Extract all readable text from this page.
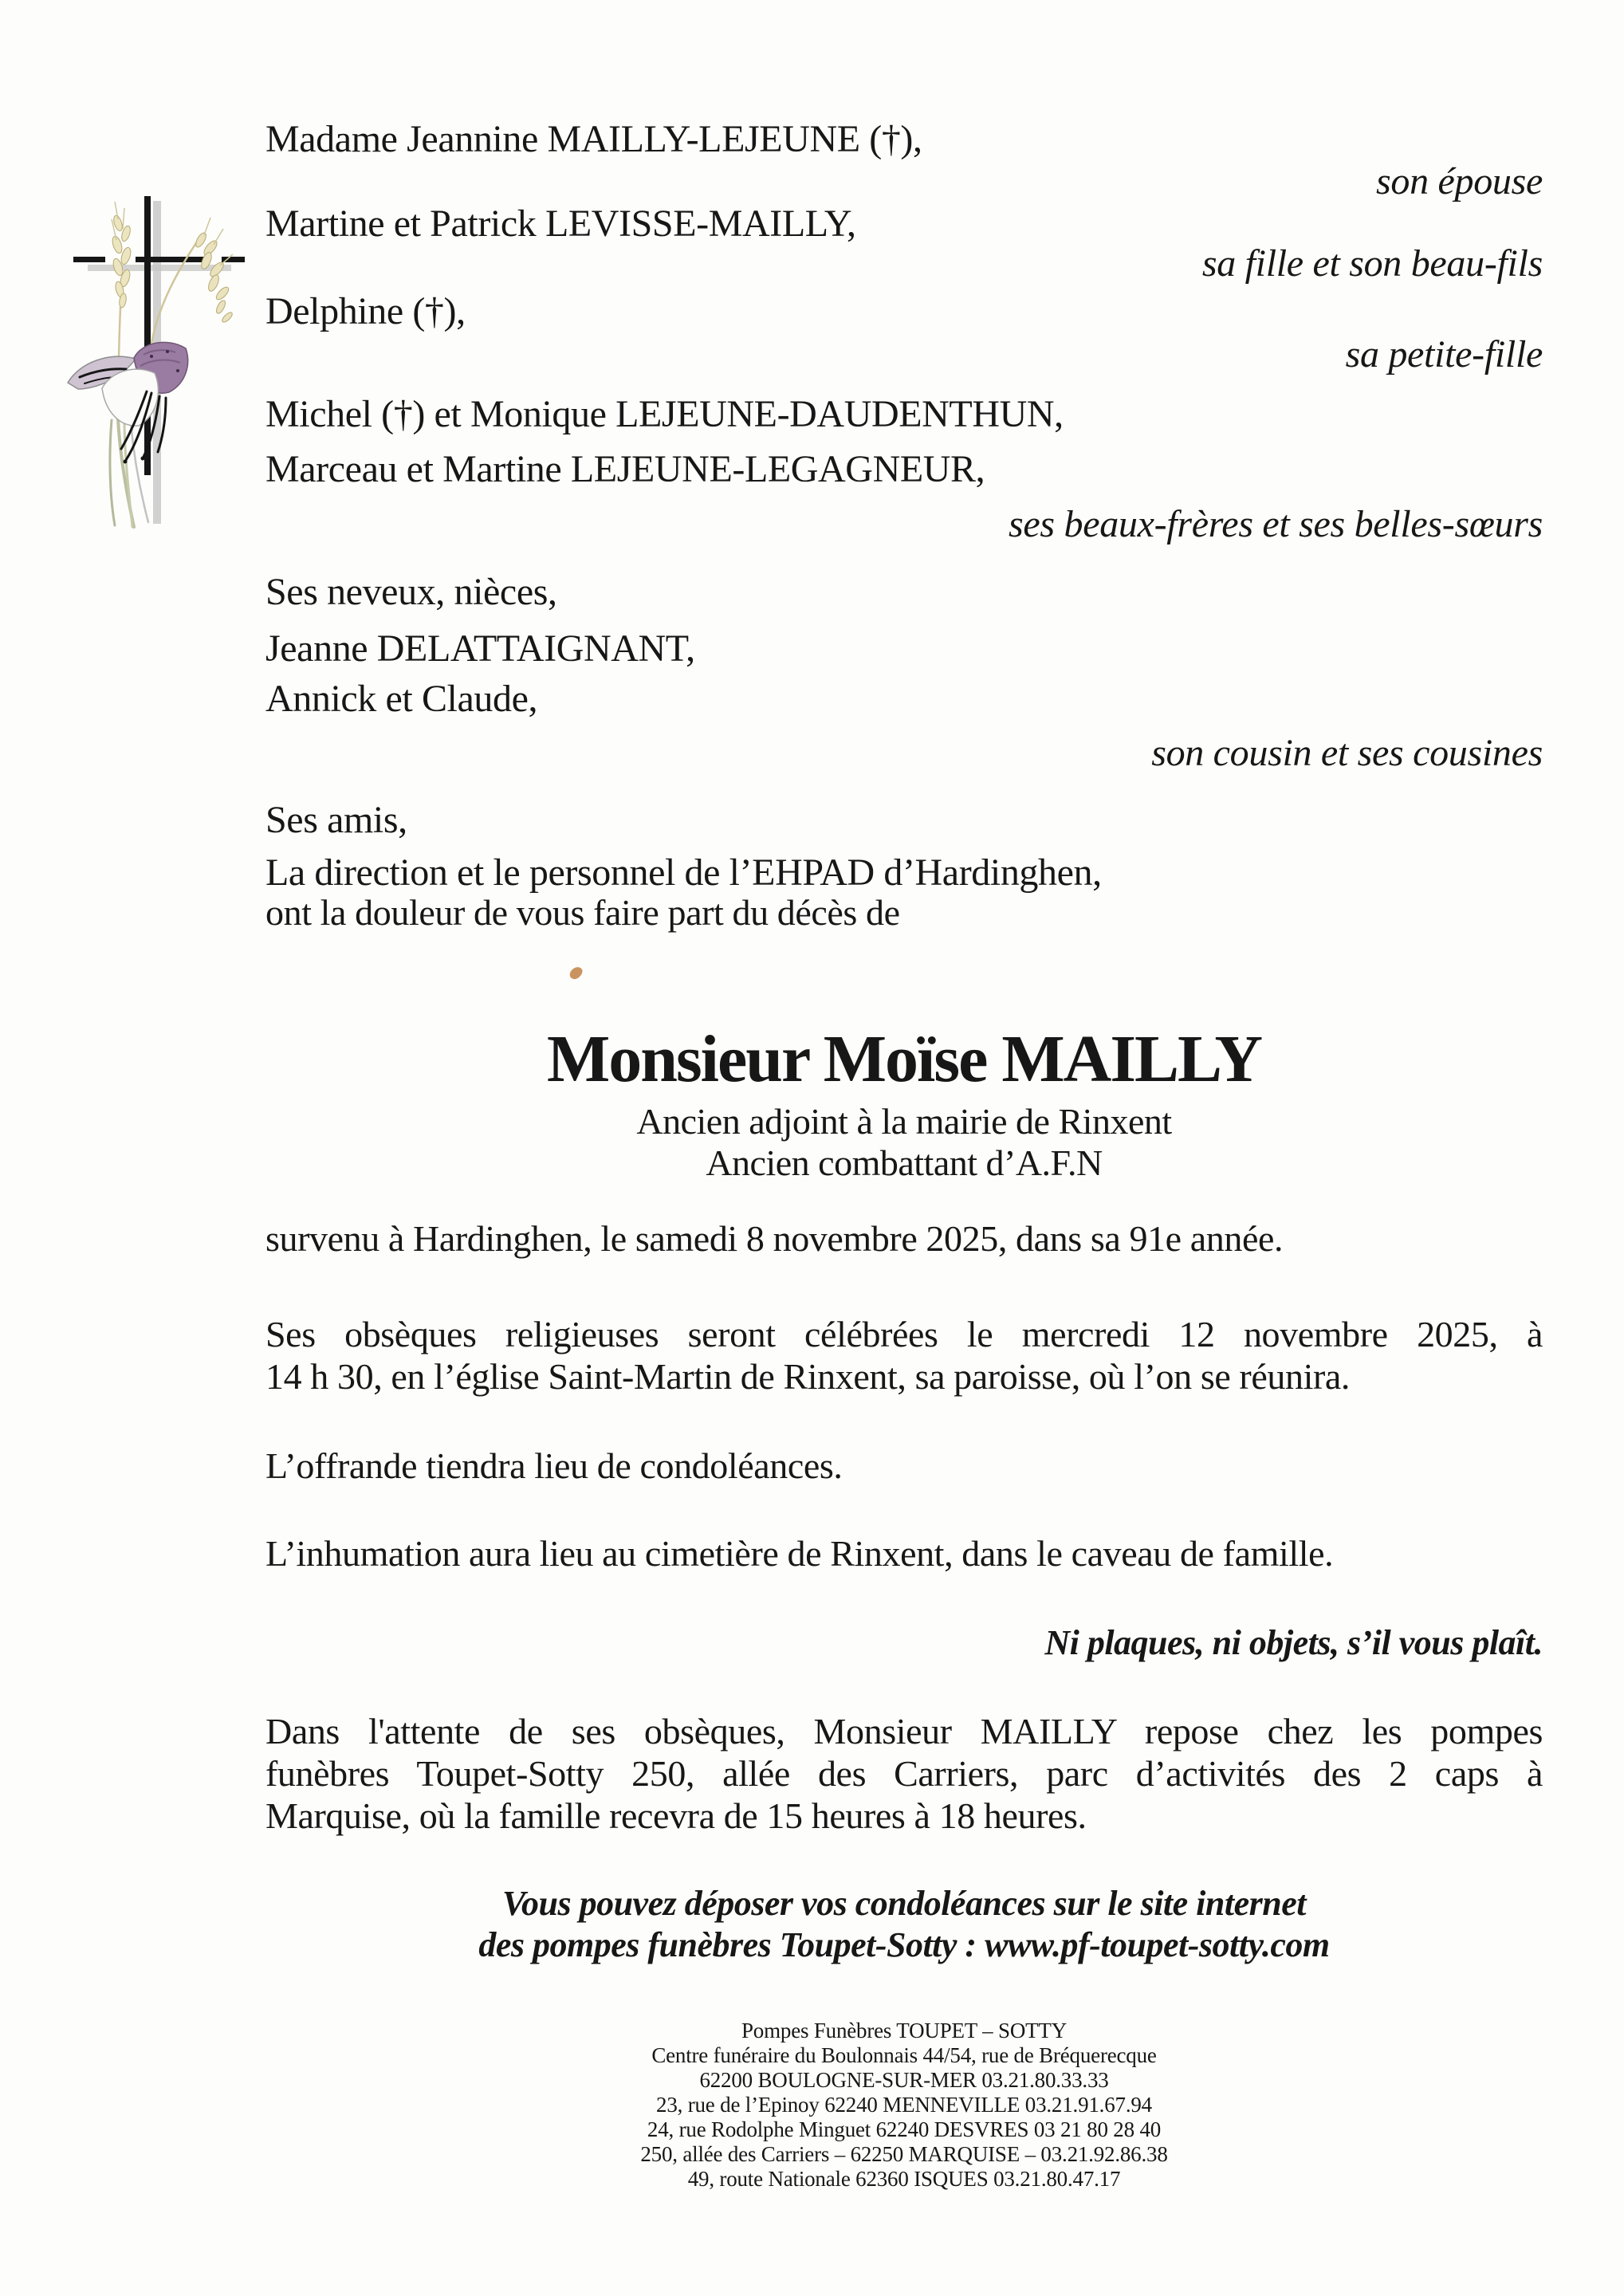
Madame Jeannine MAILLY-LEJEUNE (†),
son épouse
Martine et Patrick LEVISSE-MAILLY,
sa fille et son beau-fils
Delphine (†),
sa petite-fille
Michel (†) et Monique LEJEUNE-DAUDENTHUN,
Marceau et Martine LEJEUNE-LEGAGNEUR,
ses beaux-frères et ses belles-sœurs
Ses neveux, nièces,
Jeanne DELATTAIGNANT,
Annick et Claude,
son cousin et ses cousines
Ses amis,
La direction et le personnel de l’EHPAD d’Hardinghen,
ont la douleur de vous faire part du décès de
Monsieur Moïse MAILLY
Ancien adjoint à la mairie de Rinxent
Ancien combattant d’A.F.N
survenu à Hardinghen, le samedi 8 novembre 2025, dans sa 91e année.
Ses obsèques religieuses seront célébrées le mercredi 12 novembre 2025, à
14 h 30, en l’église Saint-Martin de Rinxent, sa paroisse, où l’on se réunira.
L’offrande tiendra lieu de condoléances.
L’inhumation aura lieu au cimetière de Rinxent, dans le caveau de famille.
Ni plaques, ni objets, s’il vous plaît.
Dans l'attente de ses obsèques, Monsieur MAILLY repose chez les pompes
funèbres Toupet-Sotty 250, allée des Carriers, parc d’activités des 2 caps à
Marquise, où la famille recevra de 15 heures à 18 heures.
Vous pouvez déposer vos condoléances sur le site internet
des pompes funèbres Toupet-Sotty : www.pf-toupet-sotty.com
Pompes Funèbres TOUPET – SOTTY
Centre funéraire du Boulonnais 44/54, rue de Bréquerecque
62200 BOULOGNE-SUR-MER 03.21.80.33.33
23, rue de l’Epinoy 62240 MENNEVILLE 03.21.91.67.94
24, rue Rodolphe Minguet 62240 DESVRES 03 21 80 28 40
250, allée des Carriers – 62250 MARQUISE – 03.21.92.86.38
49, route Nationale 62360 ISQUES 03.21.80.47.17
